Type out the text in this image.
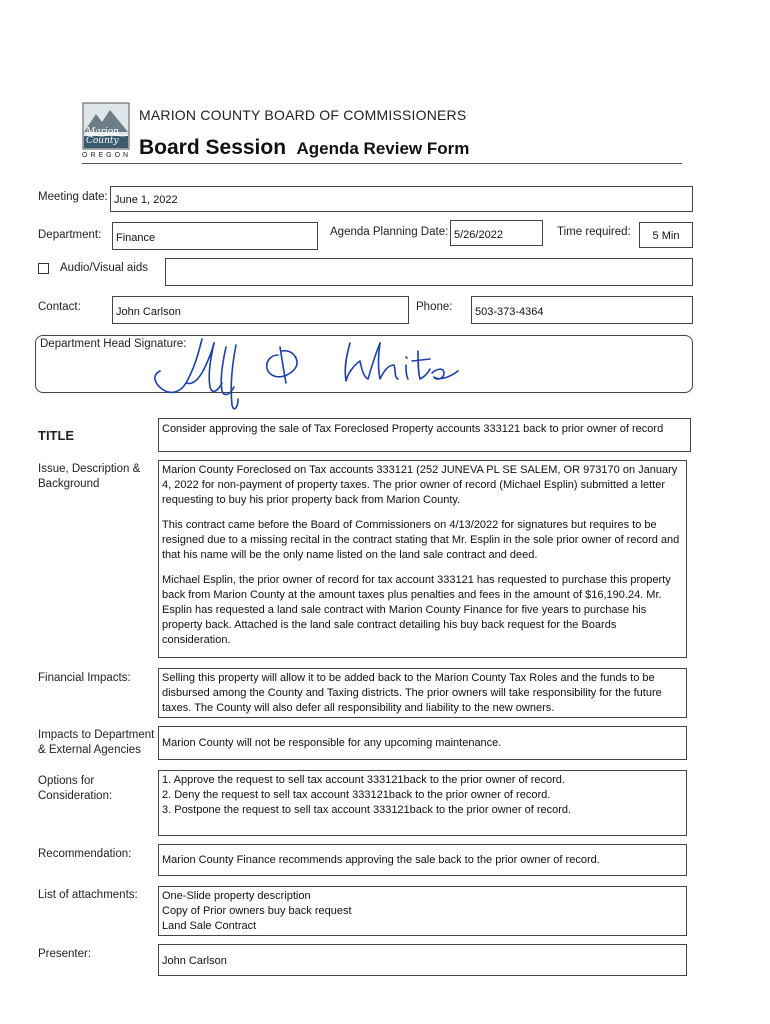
Marion
County
OREGON
MARION COUNTY BOARD OF COMMISSIONERS
Board Session Agenda Review Form
Meeting date: June 1, 2022
Department:	Finance	Agenda Planning Date: 5/26/2022	Time required:	5 Min
Audio/Visual aids
Contact:	John Carlson	Phone:	503-373-4364
Department Head Signature:
TITLE	Consider approving the sale of Tax Foreclosed Property accounts 333121 back to prior owner of record
Issue, Description &
Background

Marion County Foreclosed on Tax accounts 333121 (252 JUNEVA PL SE SALEM, OR 973170 on January 4, 2022 for non-payment of property taxes. The prior owner of record (Michael Esplin) submitted a letter requesting to buy his prior property back from Marion County.

This contract came before the Board of Commissioners on 4/13/2022 for signatures but requires to be resigned due to a missing recital in the contract stating that Mr. Esplin in the sole prior owner of record and that his name will be the only name listed on the land sale contract and deed.

Michael Esplin, the prior owner of record for tax account 333121 has requested to purchase this property back from Marion County at the amount taxes plus penalties and fees in the amount of $16,190.24. Mr. Esplin has requested a land sale contract with Marion County Finance for five years to purchase his property back. Attached is the land sale contract detailing his buy back request for the Boards consideration.

Financial Impacts:	Selling this property will allow it to be added back to the Marion County Tax Roles and the funds to be disbursed among the County and Taxing districts. The prior owners will take responsibility for the future taxes. The County will also defer all responsibility and liability to the new owners.
Impacts to Department
& External Agencies
Marion County will not be responsible for any upcoming maintenance.
Options for
Consideration:
1. Approve the request to sell tax account 333121back to the prior owner of record.
2. Deny the request to sell tax account 333121back to the prior owner of record.
3. Postpone the request to sell tax account 333121back to the prior owner of record.
Recommendation:	Marion County Finance recommends approving the sale back to the prior owner of record.
List of attachments: One-Slide property description
Copy of Prior owners buy back request
Land Sale Contract
Presenter:
John Carlson
